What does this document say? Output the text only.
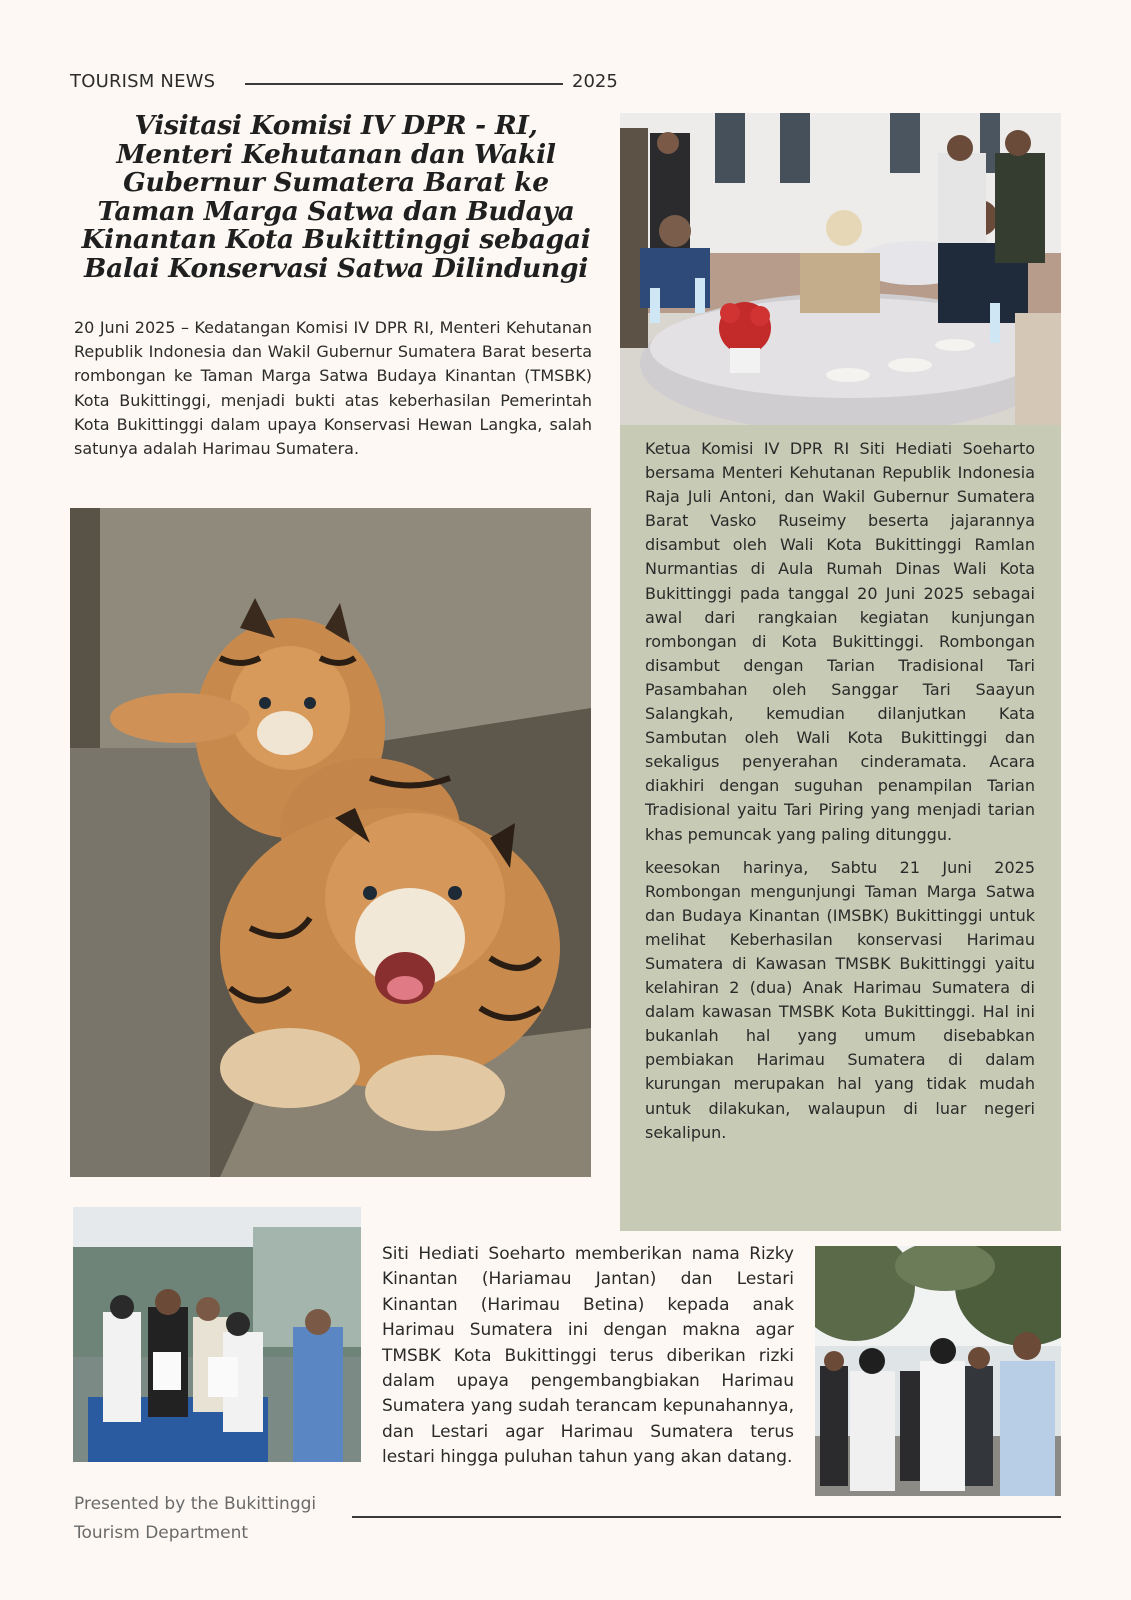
TOURISM NEWS	2025
Visitasi Komisi IV DPR - RI, Menteri Kehutanan dan Wakil Gubernur Sumatera Barat ke Taman Marga Satwa dan Budaya Kinantan Kota Bukittinggi sebagai Balai Konservasi Satwa Dilindungi
20 Juni 2025 – Kedatangan Komisi IV DPR RI, Menteri Kehutanan Republik Indonesia dan Wakil Gubernur Sumatera Barat beserta rombongan ke Taman Marga Satwa Budaya Kinantan (TMSBK) Kota Bukittinggi, menjadi bukti atas keberhasilan Pemerintah Kota Bukittinggi dalam upaya Konservasi Hewan Langka, salah satunya adalah Harimau Sumatera.	Ketua Komisi IV DPR RI Siti Hediati Soeharto bersama Menteri Kehutanan Republik Indonesia Raja Juli Antoni, dan Wakil Gubernur Sumatera Barat Vasko Ruseimy beserta jajarannya disambut oleh Wali Kota Bukittinggi Ramlan Nurmantias di Aula Rumah Dinas Wali Kota Bukittinggi pada tanggal 20 Juni 2025 sebagai awal dari rangkaian kegiatan kunjungan rombongan di Kota Bukittinggi. Rombongan disambut dengan Tarian Tradisional Tari Pasambahan oleh Sanggar Tari Saayun Salangkah, kemudian dilanjutkan Kata Sambutan oleh Wali Kota Bukittinggi dan sekaligus penyerahan cinderamata. Acara diakhiri dengan suguhan penampilan Tarian Tradisional yaitu Tari Piring yang menjadi tarian khas pemuncak yang paling ditunggu.

keesokan harinya, Sabtu 21 Juni 2025 Rombongan mengunjungi Taman Marga Satwa dan Budaya Kinantan (IMSBK) Bukittinggi untuk melihat Keberhasilan konservasi Harimau Sumatera di Kawasan TMSBK Bukittinggi yaitu kelahiran 2 (dua) Anak Harimau Sumatera di dalam kawasan TMSBK Kota Bukittinggi. Hal ini bukanlah hal yang umum disebabkan pembiakan Harimau Sumatera di dalam kurungan merupakan hal yang tidak mudah untuk dilakukan, walaupun di luar negeri sekalipun.

Siti Hediati Soeharto memberikan nama Rizky Kinantan (Hariamau Jantan) dan Lestari Kinantan (Harimau Betina) kepada anak Harimau Sumatera ini dengan makna agar TMSBK Kota Bukittinggi terus diberikan rizki dalam upaya pengembangbiakan Harimau Sumatera yang sudah terancam kepunahannya, dan Lestari agar Harimau Sumatera terus lestari hingga puluhan tahun yang akan datang.
Presented by the Bukittinggi
Tourism Department
